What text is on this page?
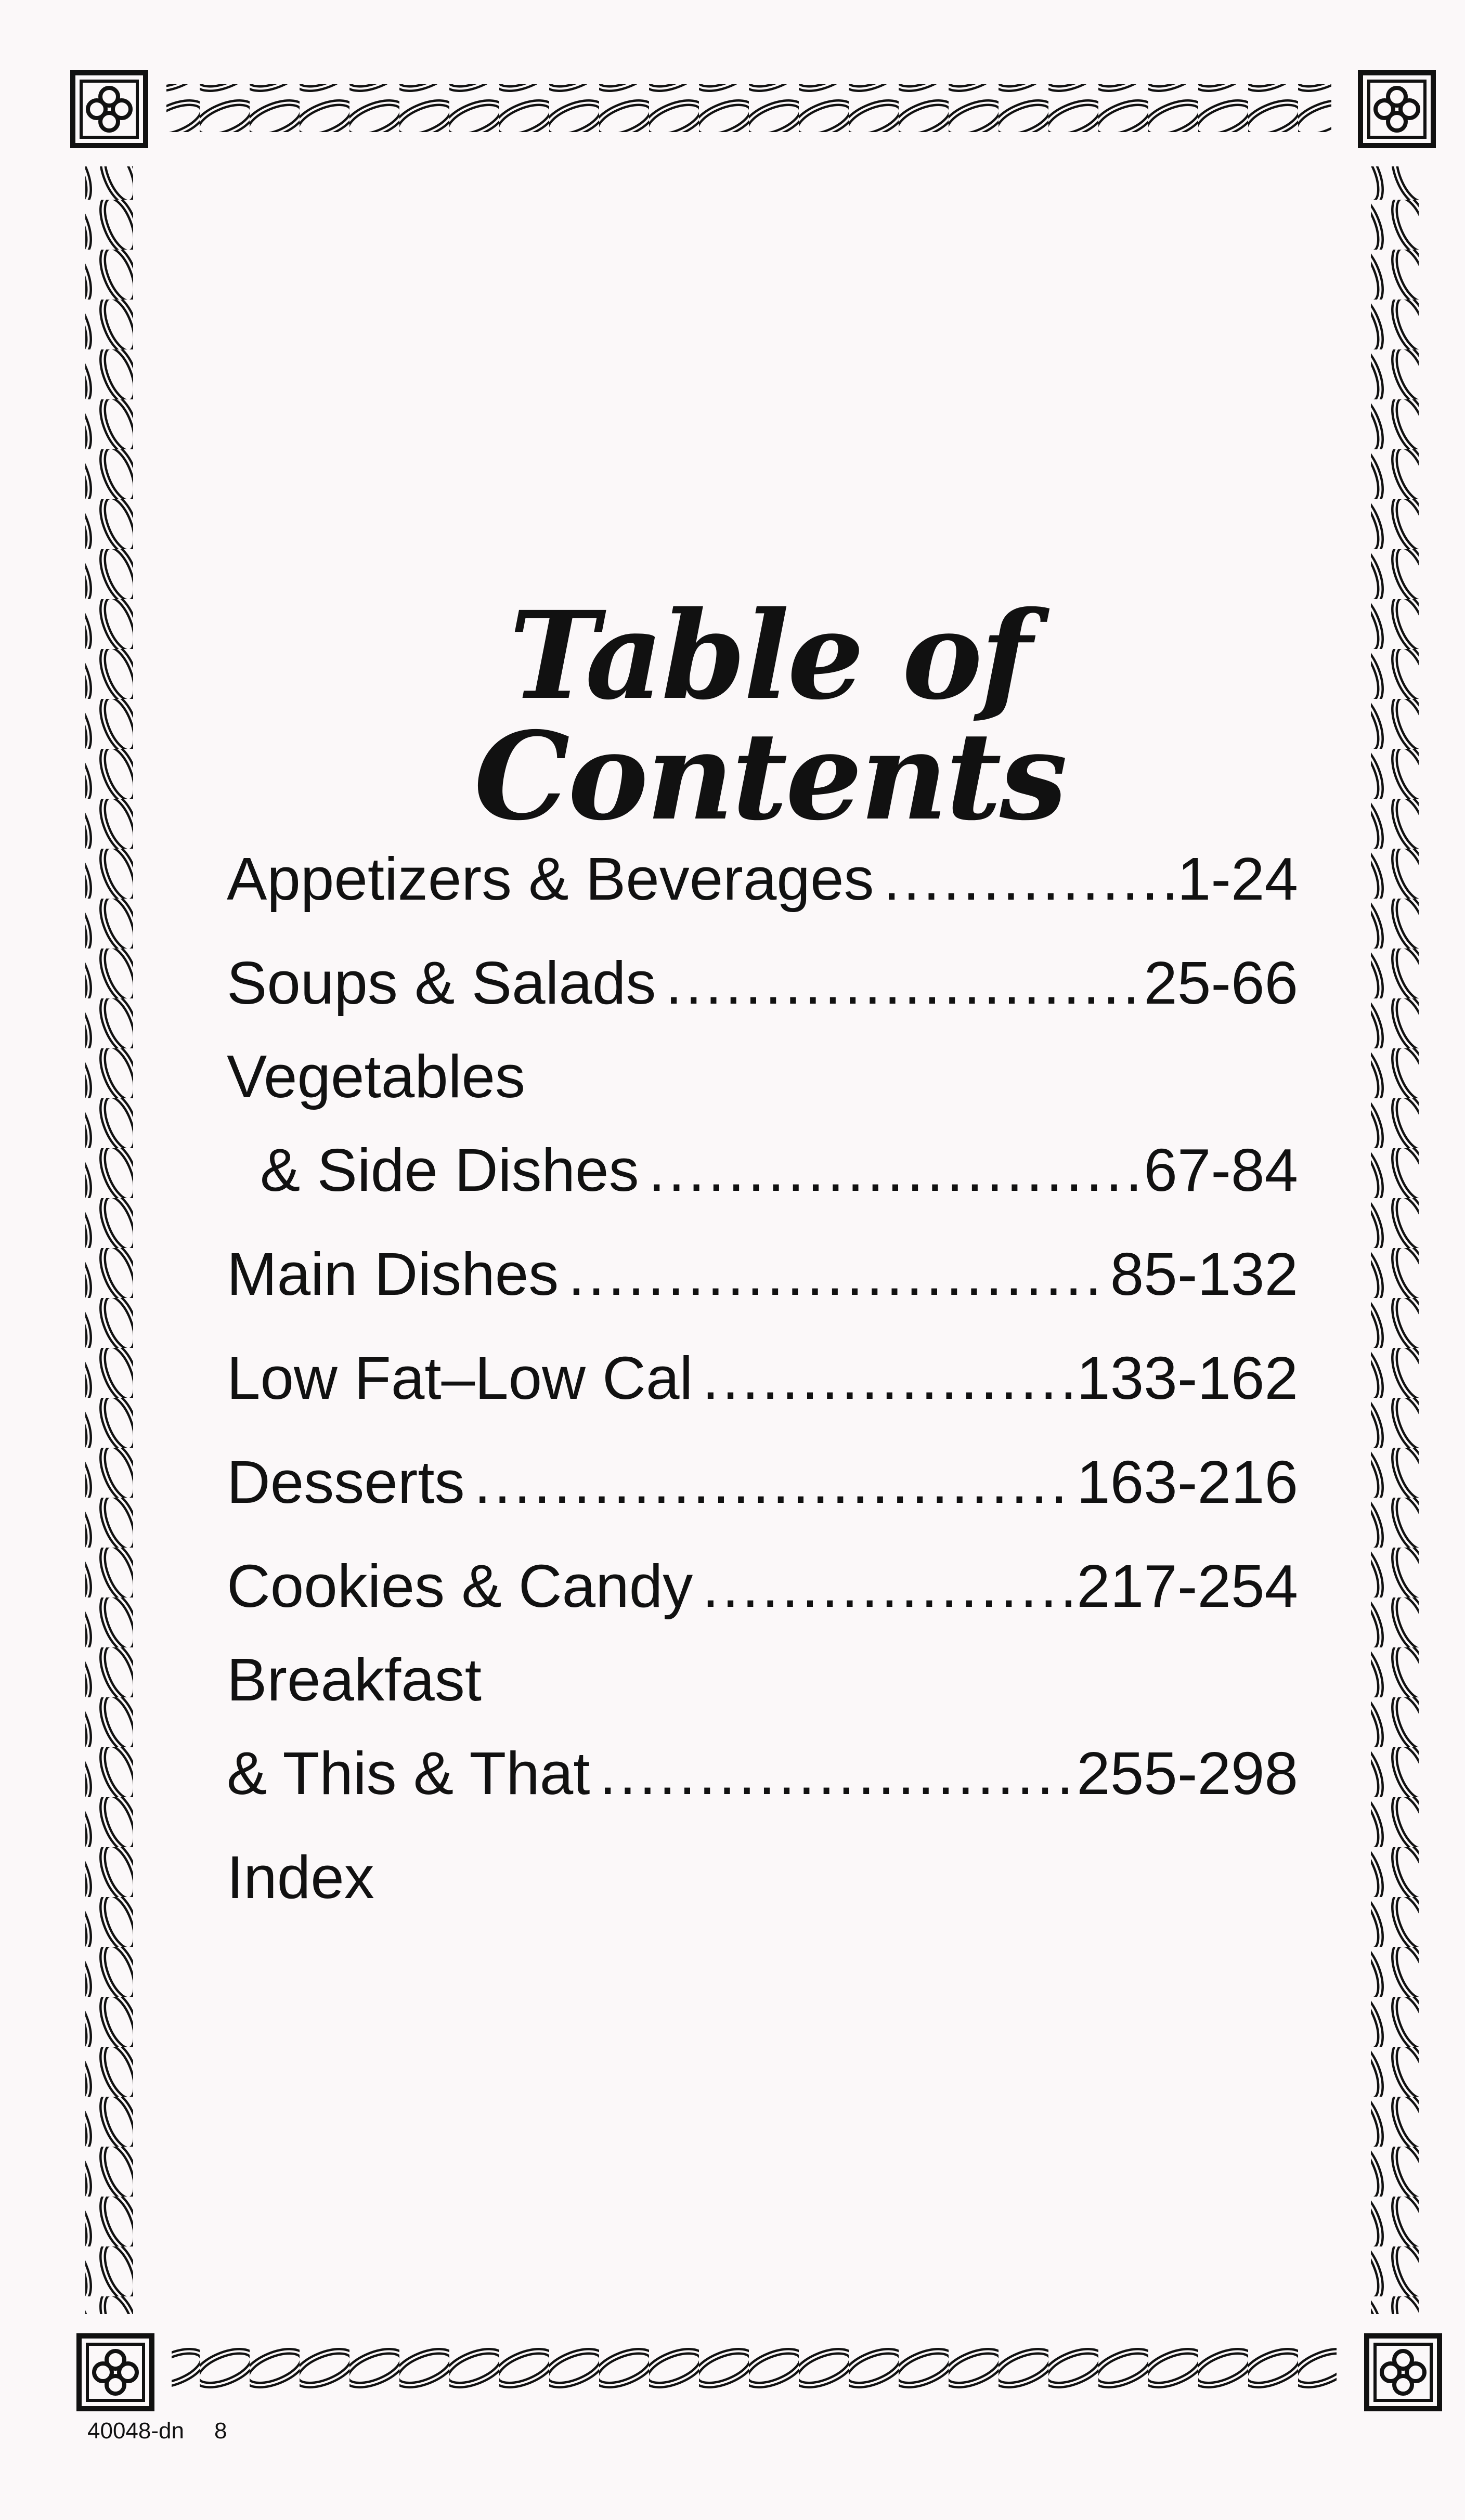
Table of Contents
Appetizers & Beverages .....	1-24
Soups & Salads .....	25-66
Vegetables
& Side Dishes .....	67-84
Main Dishes .....	85-132
Low Fat–Low Cal .....	133-162
Desserts .....	163-216
Cookies & Candy .....	217-254
Breakfast
& This & That .....	255-298
Index
40048-dn 8
